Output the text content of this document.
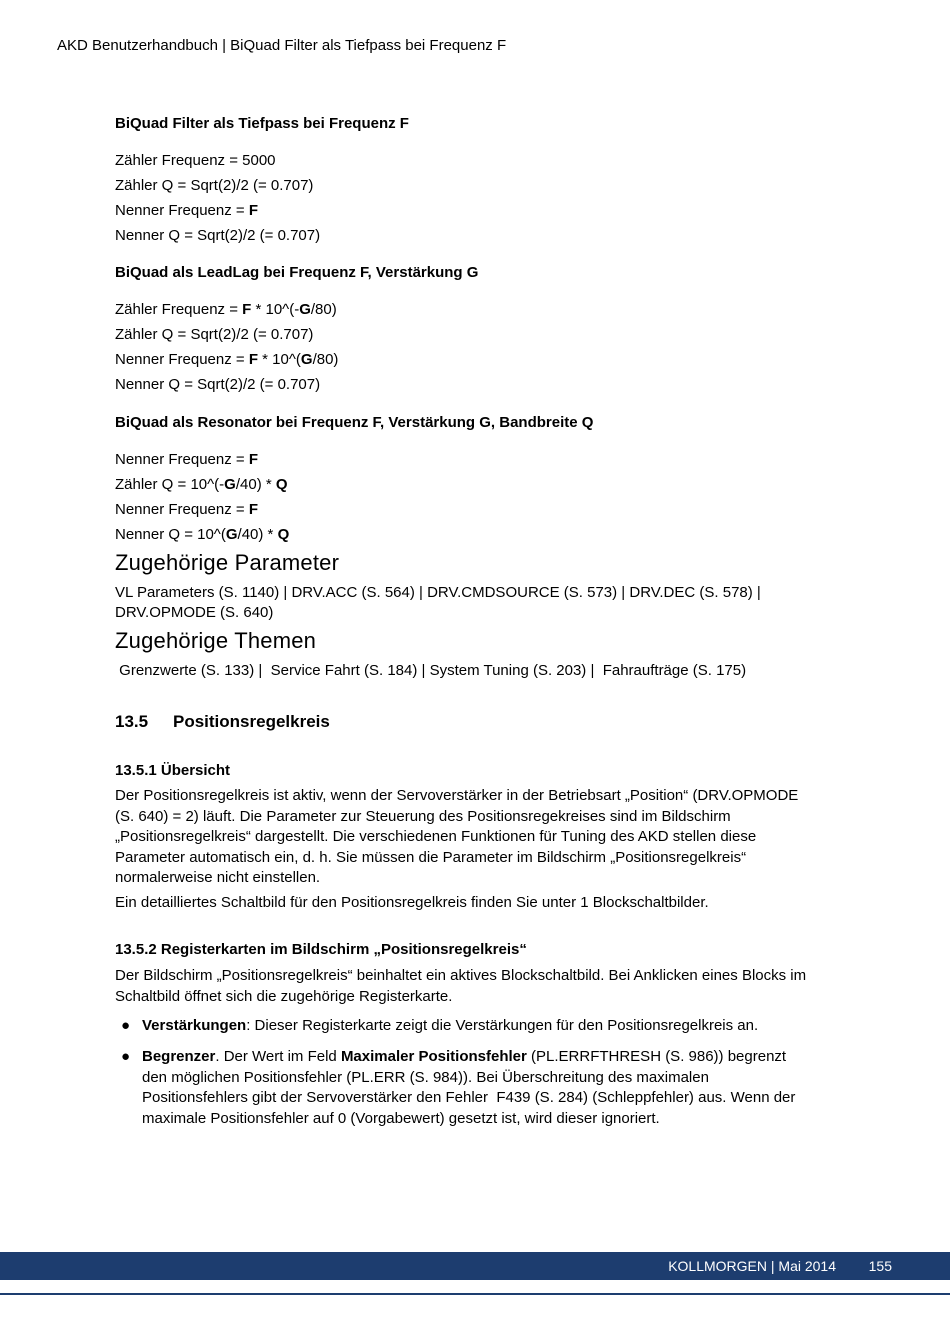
AKD Benutzerhandbuch | BiQuad Filter als Tiefpass bei Frequenz F
BiQuad Filter als Tiefpass bei Frequenz F
Zähler Frequenz = 5000
Zähler Q = Sqrt(2)/2 (= 0.707)
Nenner Frequenz = F
Nenner Q = Sqrt(2)/2 (= 0.707)
BiQuad als LeadLag bei Frequenz F, Verstärkung G
Zähler Frequenz = F * 10^(-G/80)
Zähler Q = Sqrt(2)/2 (= 0.707)
Nenner Frequenz = F * 10^(G/80)
Nenner Q = Sqrt(2)/2 (= 0.707)
BiQuad als Resonator bei Frequenz F, Verstärkung G, Bandbreite Q
Nenner Frequenz = F
Zähler Q = 10^(-G/40) * Q
Nenner Frequenz = F
Nenner Q = 10^(G/40) * Q
Zugehörige Parameter
VL Parameters (S. 1140) | DRV.ACC (S. 564) | DRV.CMDSOURCE (S. 573) | DRV.DEC (S. 578) |
DRV.OPMODE (S. 640)
Zugehörige Themen
Grenzwerte (S. 133) |  Service Fahrt (S. 184) | System Tuning (S. 203) |  Fahraufträge (S. 175)
13.5 Positionsregelkreis
13.5.1 Übersicht
Der Positionsregelkreis ist aktiv, wenn der Servoverstärker in der Betriebsart „Position“ (DRV.OPMODE
(S. 640) = 2) läuft. Die Parameter zur Steuerung des Positionsregekreises sind im Bildschirm
„Positionsregelkreis“ dargestellt. Die verschiedenen Funktionen für Tuning des AKD stellen diese
Parameter automatisch ein, d. h. Sie müssen die Parameter im Bildschirm „Positionsregelkreis“
normalerweise nicht einstellen.
Ein detailliertes Schaltbild für den Positionsregelkreis finden Sie unter 1 Blockschaltbilder.
13.5.2 Registerkarten im Bildschirm „Positionsregelkreis“
Der Bildschirm „Positionsregelkreis“ beinhaltet ein aktives Blockschaltbild. Bei Anklicken eines Blocks im
Schaltbild öffnet sich die zugehörige Registerkarte.
● Verstärkungen: Dieser Registerkarte zeigt die Verstärkungen für den Positionsregelkreis an.
● Begrenzer. Der Wert im Feld Maximaler Positionsfehler (PL.ERRFTHRESH (S. 986)) begrenzt
den möglichen Positionsfehler (PL.ERR (S. 984)). Bei Überschreitung des maximalen
Positionsfehlers gibt der Servoverstärker den Fehler  F439 (S. 284) (Schleppfehler) aus. Wenn der
maximale Positionsfehler auf 0 (Vorgabewert) gesetzt ist, wird dieser ignoriert.
KOLLMORGEN | Mai 2014 155
